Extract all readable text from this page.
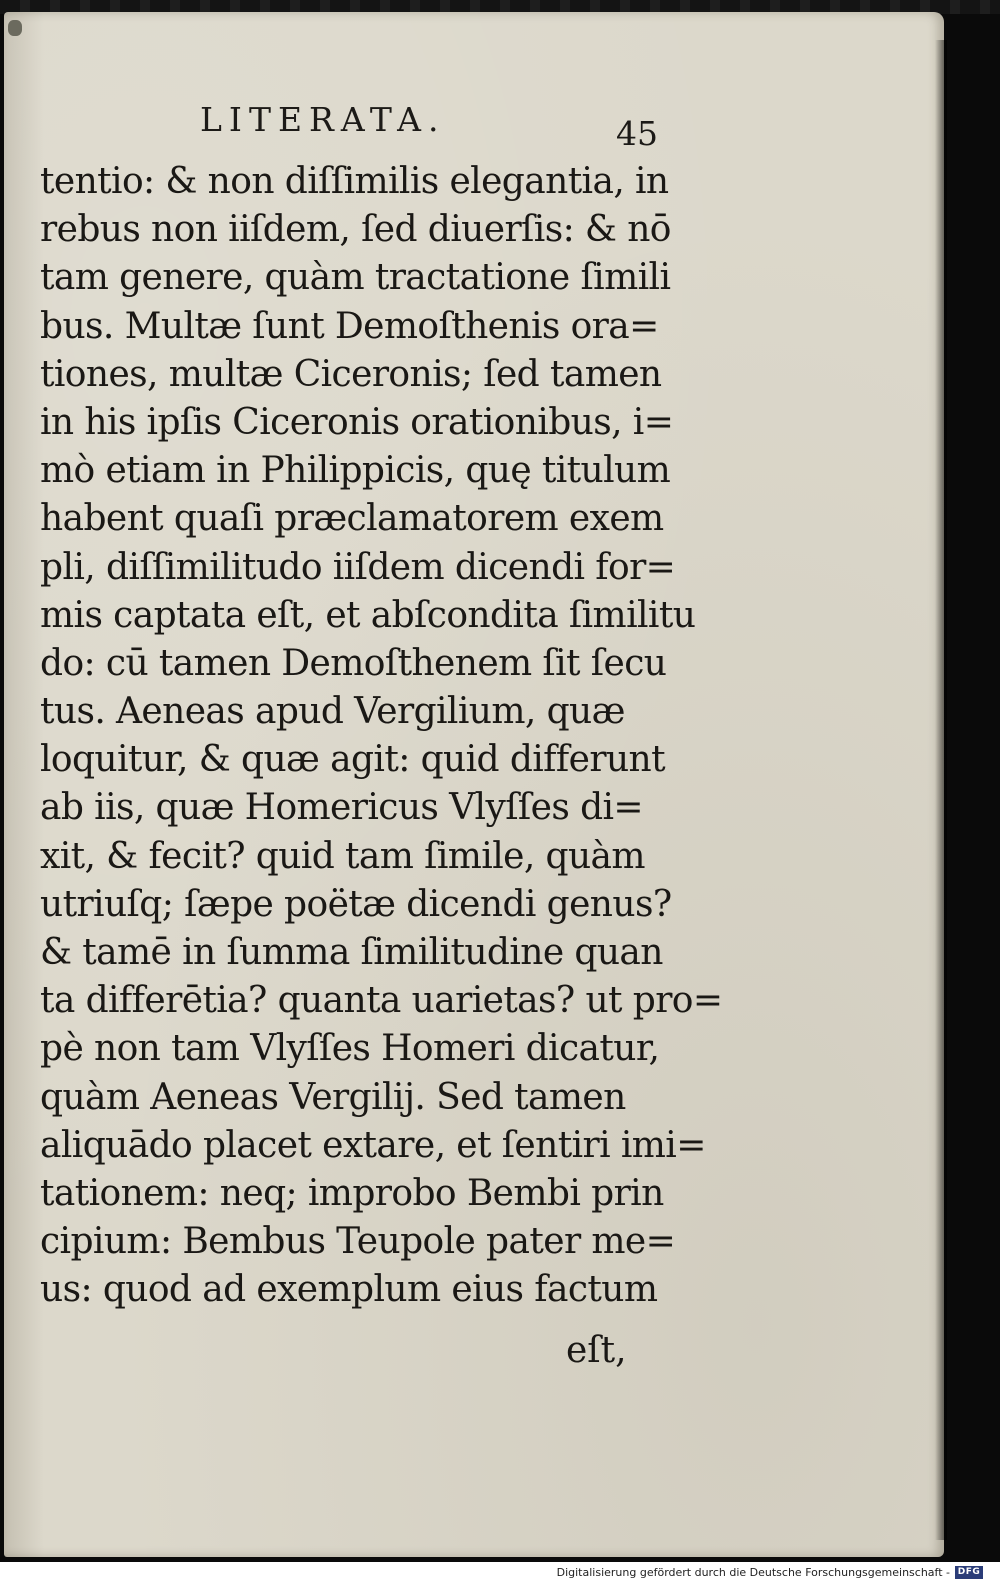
LITERATA.	45
tentio: & non diſſimilis elegantia, in
rebus non iiſdem, ſed diuerſis: & nō
tam genere, quàm tractatione ſimili
bus. Multæ ſunt Demoſthenis ora=
tiones, multæ Ciceronis; ſed tamen
in his ipſis Ciceronis orationibus, i=
mò etiam in Philippicis, quę titulum
habent quaſi præclamatorem exem
pli, diſſimilitudo iiſdem dicendi for=
mis captata eſt, et abſcondita ſimilitu
do: cū tamen Demoſthenem ſit ſecu
tus. Aeneas apud Vergilium, quæ
loquitur, & quæ agit: quid differunt
ab iis, quæ Homericus Vlyſſes di=
xit, & fecit? quid tam ſimile, quàm
utriuſq; ſæpe poëtæ dicendi genus?
& tamē in ſumma ſimilitudine quan
ta differētia? quanta uarietas? ut pro=
pè non tam Vlyſſes Homeri dicatur,
quàm Aeneas Vergilij. Sed tamen
aliquādo placet extare, et ſentiri imi=
tationem: neq; improbo Bembi prin
cipium: Bembus Teupole pater me=
us: quod ad exemplum eius factum
eſt,
Digitalisierung gefördert durch die Deutsche Forschungsgemeinschaft - DFG
